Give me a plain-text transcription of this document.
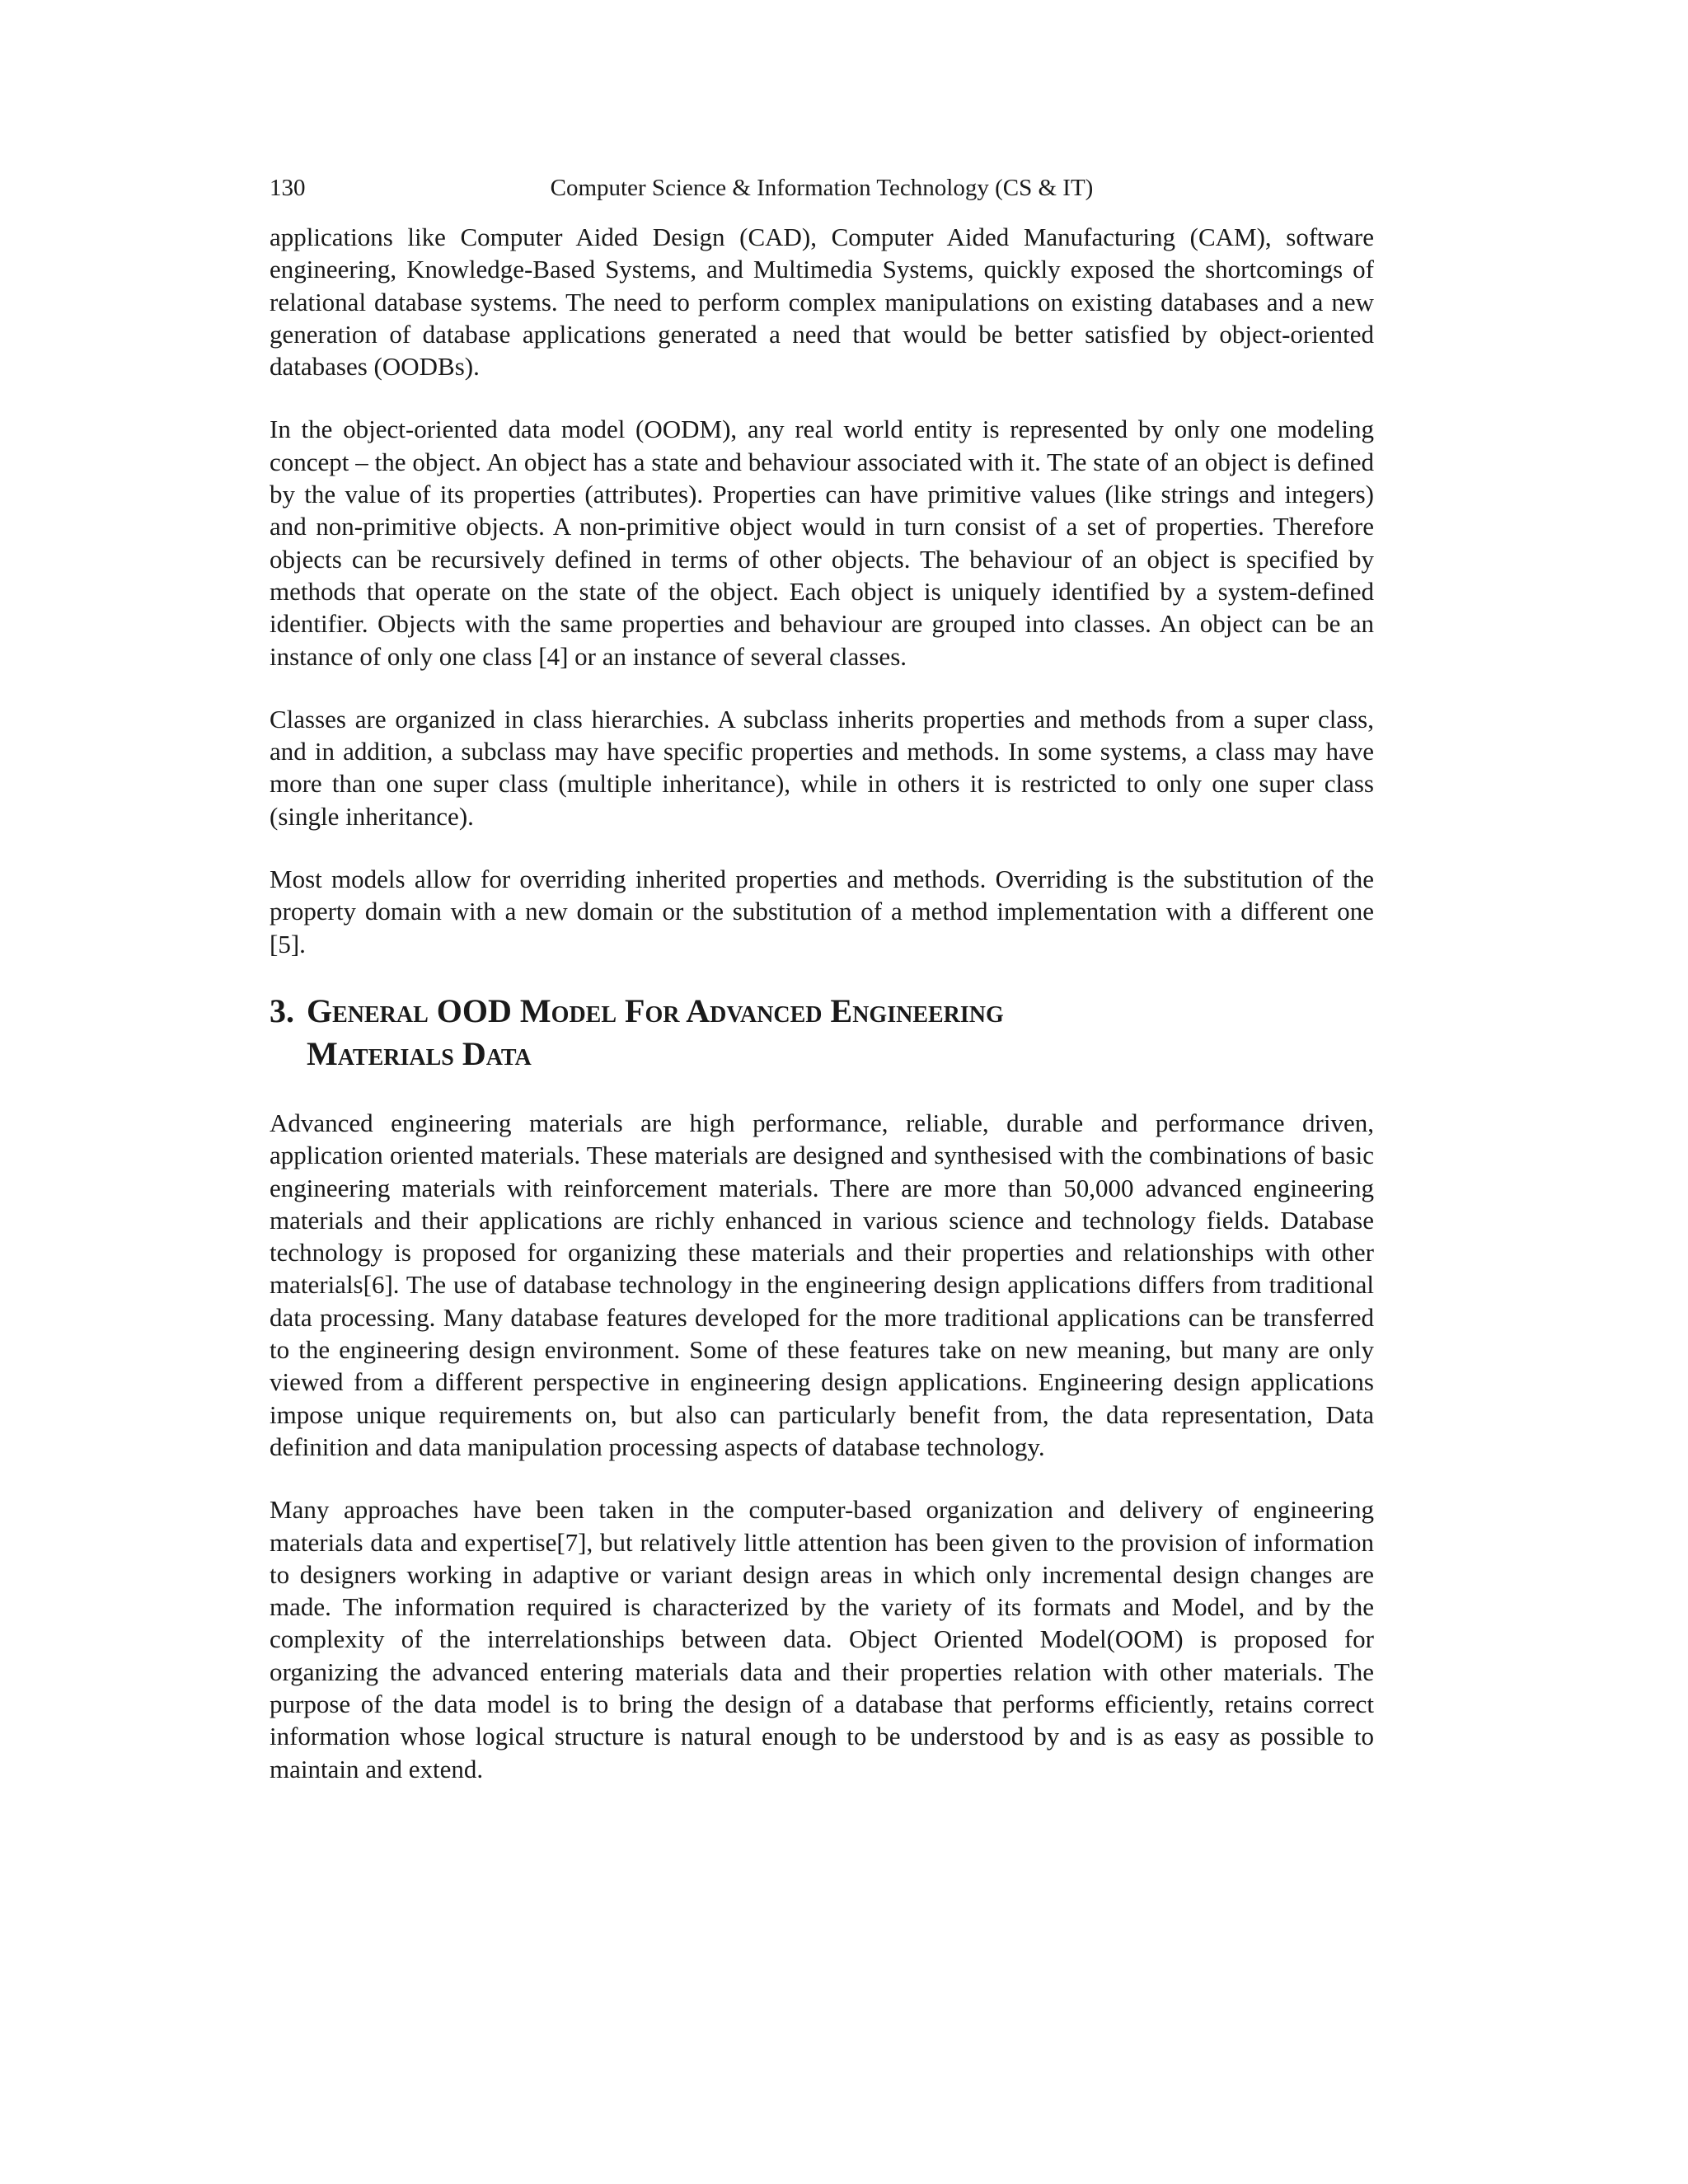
130	Computer Science & Information Technology (CS & IT)

applications like Computer Aided Design (CAD), Computer Aided Manufacturing (CAM), software engineering, Knowledge-Based Systems, and Multimedia Systems, quickly exposed the shortcomings of relational database systems. The need to perform complex manipulations on existing databases and a new generation of database applications generated a need that would be better satisfied by object-oriented databases (OODBs).

In the object-oriented data model (OODM), any real world entity is represented by only one modeling concept – the object. An object has a state and behaviour associated with it. The state of an object is defined by the value of its properties (attributes). Properties can have primitive values (like strings and integers) and non-primitive objects. A non-primitive object would in turn consist of a set of properties. Therefore objects can be recursively defined in terms of other objects. The behaviour of an object is specified by methods that operate on the state of the object. Each object is uniquely identified by a system-defined identifier. Objects with the same properties and behaviour are grouped into classes. An object can be an instance of only one class [4] or an instance of several classes.

Classes are organized in class hierarchies. A subclass inherits properties and methods from a super class, and in addition, a subclass may have specific properties and methods. In some systems, a class may have more than one super class (multiple inheritance), while in others it is restricted to only one super class (single inheritance).

Most models allow for overriding inherited properties and methods. Overriding is the substitution of the property domain with a new domain or the substitution of a method implementation with a different one [5].

3. General OOD Model For Advanced Engineering
Materials Data

Advanced engineering materials are high performance, reliable, durable and performance driven, application oriented materials. These materials are designed and synthesised with the combinations of basic engineering materials with reinforcement materials. There are more than 50,000 advanced engineering materials and their applications are richly enhanced in various science and technology fields. Database technology is proposed for organizing these materials and their properties and relationships with other materials[6]. The use of database technology in the engineering design applications differs from traditional data processing. Many database features developed for the more traditional applications can be transferred to the engineering design environment. Some of these features take on new meaning, but many are only viewed from a different perspective in engineering design applications. Engineering design applications impose unique requirements on, but also can particularly benefit from, the data representation, Data definition and data manipulation processing aspects of database technology.

Many approaches have been taken in the computer-based organization and delivery of engineering materials data and expertise[7], but relatively little attention has been given to the provision of information to designers working in adaptive or variant design areas in which only incremental design changes are made. The information required is characterized by the variety of its formats and Model, and by the complexity of the interrelationships between data. Object Oriented Model(OOM) is proposed for organizing the advanced entering materials data and their properties relation with other materials. The purpose of the data model is to bring the design of a database that performs efficiently, retains correct information whose logical structure is natural enough to be understood by and is as easy as possible to maintain and extend.
